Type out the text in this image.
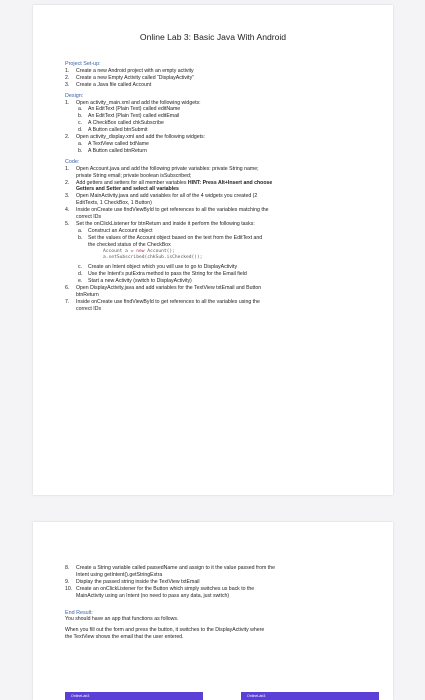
Online Lab 3: Basic Java With Android
Project Set-up:
1.	Create a new Android project with an empty activity
2.	Create a new Empty Activity called “DisplayActivity”
3.	Create a Java file called Account
Design:
1.	Open activity_main.xml and add the following widgets:
a.	An EditText (Plain Text) called editName
b.	An EditText (Plain Text) called editEmail
c.	A CheckBox called chkSubscribe
d.	A Button called btnSubmit
2.	Open activity_display.xml and add the following widgets:
a.	A TextView called txtName
b.	A Button called btnReturn
Code:
1.	Open Account.java and add the following private variables: private String name;
private String email; private boolean isSubscribed;
2.	Add getters and setters for all member variables HINT: Press Alt+Insert and choose
Getters and Setter and select all variables
3.	Open MainActivity.java and add variables for all of the 4 widgets you created (2
EditTexts, 1 CheckBox, 1 Button)
4.	Inside onCreate use findViewById to get references to all the variables matching the
correct IDs
5.	Set the onClickListener for btnReturn and inside it perform the following tasks:
a.	Construct an Account object
b.	Set the values of the Account object based on the text from the EditText and
the checked status of the CheckBox
Account a = new Account();
a.setSubscribed(chkSub.isChecked());
c.	Create an Intent object which you will use to go to DisplayActivity
d.	Use the Intent’s putExtra method to pass the String for the Email field
e.	Start a new Activity (switch to DisplayActivity)
6.	Open DisplayActivity.java and add variables for the TextView txtEmail and Button
btnReturn
7.	Inside onCreate use findViewById to get references to all the variables using the
correct IDs
8.	Create a String variable called passedName and assign to it the value passed from the
Intent using getIntent().getStringExtra
9.	Display the passed string inside the TextView txtEmail
10. Create an onClickListener for the Button which simply switches us back to the
MainActivity using an Intent (no need to pass any data, just switch)
End Result:
You should have an app that functions as follows.
When you fill out the form and press the button, it switches to the DisplayActivity where
the TextView shows the email that the user entered.
OnlineLab3	OnlineLab3
